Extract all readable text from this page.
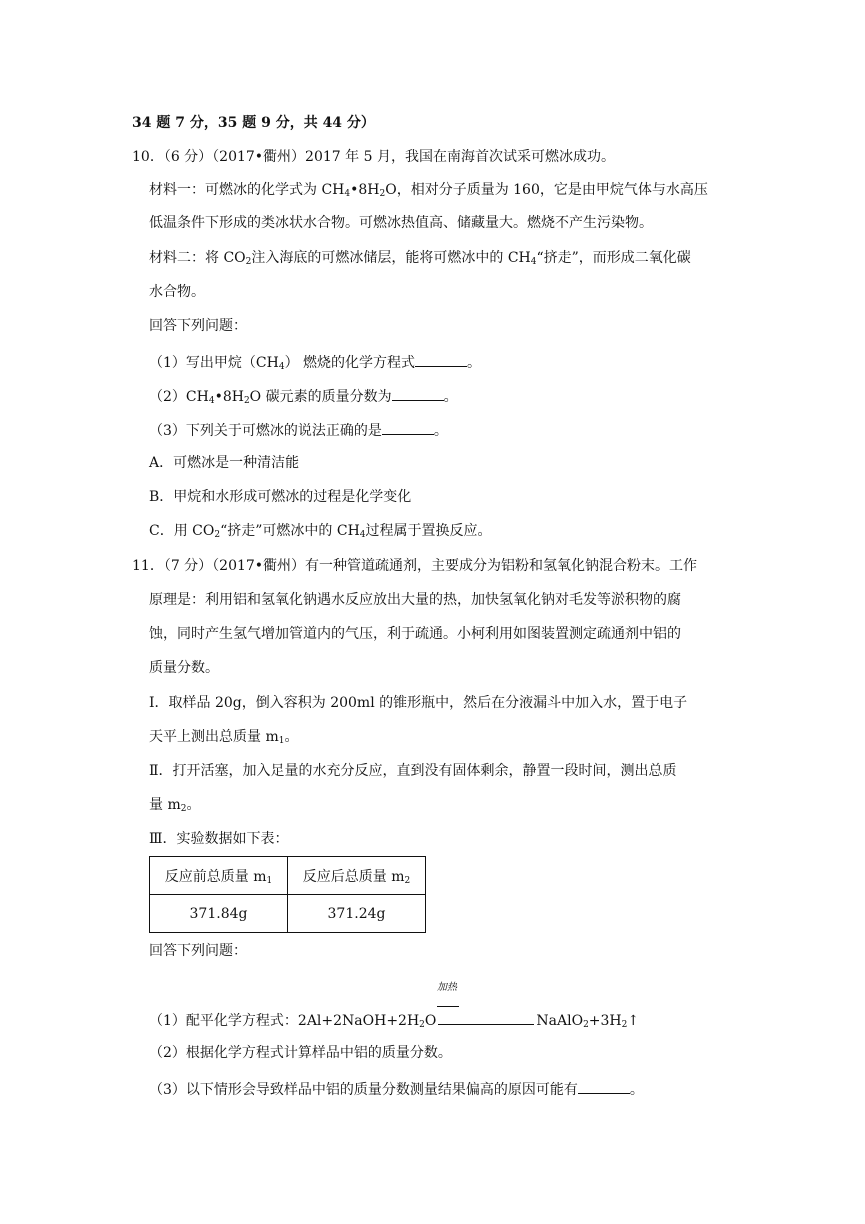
34 题 7 分，35 题 9 分，共 44 分）
10．（6 分）（2017•衢州）2017 年 5 月，我国在南海首次试采可燃冰成功。
材料一：可燃冰的化学式为 $CH_4•8H_2O$，相对分子质量为 160，它是由甲烷气体与水高压
低温条件下形成的类冰状水合物。可燃冰热值高、储藏量大。燃烧不产生污染物。
材料二：将 $CO_2$注入海底的可燃冰储层，能将可燃冰中的 $CH_4“$挤走”，而形成二氧化碳
水合物。
回答下列问题：
（1）写出甲烷$(CH_4)$ 燃烧的化学方程式	。
$(2)CH_4•8H_2O$ 碳元素的质量分数为	。
（3）下列关于可燃冰的说法正确的是	。
A．可燃冰是一种清洁能
B．甲烷和水形成可燃冰的过程是化学变化
C．用 $CO_2“$挤走”可燃冰中的 $CH_4$过程属于置换反应。
11．（7 分）（2017•衢州）有一种管道疏通剂，主要成分为铝粉和氢氧化钠混合粉末。工作
原理是：利用铝和氢氧化钠遇水反应放出大量的热，加快氢氧化钠对毛发等淤积物的腐
蚀，同时产生氢气增加管道内的气压，利于疏通。小柯利用如图装置测定疏通剂中铝的
质量分数。
Ⅰ．取样品 20g，倒入容积为 200ml 的锥形瓶中，然后在分液漏斗中加入水，置于电子
天平上测出总质量 $m_1$。
Ⅱ．打开活塞，加入足量的水充分反应，直到没有固体剩余，静置一段时间，测出总质
量 $m_2$。
Ⅲ．实验数据如下表：
反应前总质量 $m_1$	反应后总质量 $m_2$
371.84g	371.24g
回答下列问题：
加热
（1）配平化学方程式：$2Al+2NaOH+2H_2O$	$NaAlO_2+3H_2↑$
（2）根据化学方程式计算样品中铝的质量分数。
（3）以下情形会导致样品中铝的质量分数测量结果偏高的原因可能有	。
